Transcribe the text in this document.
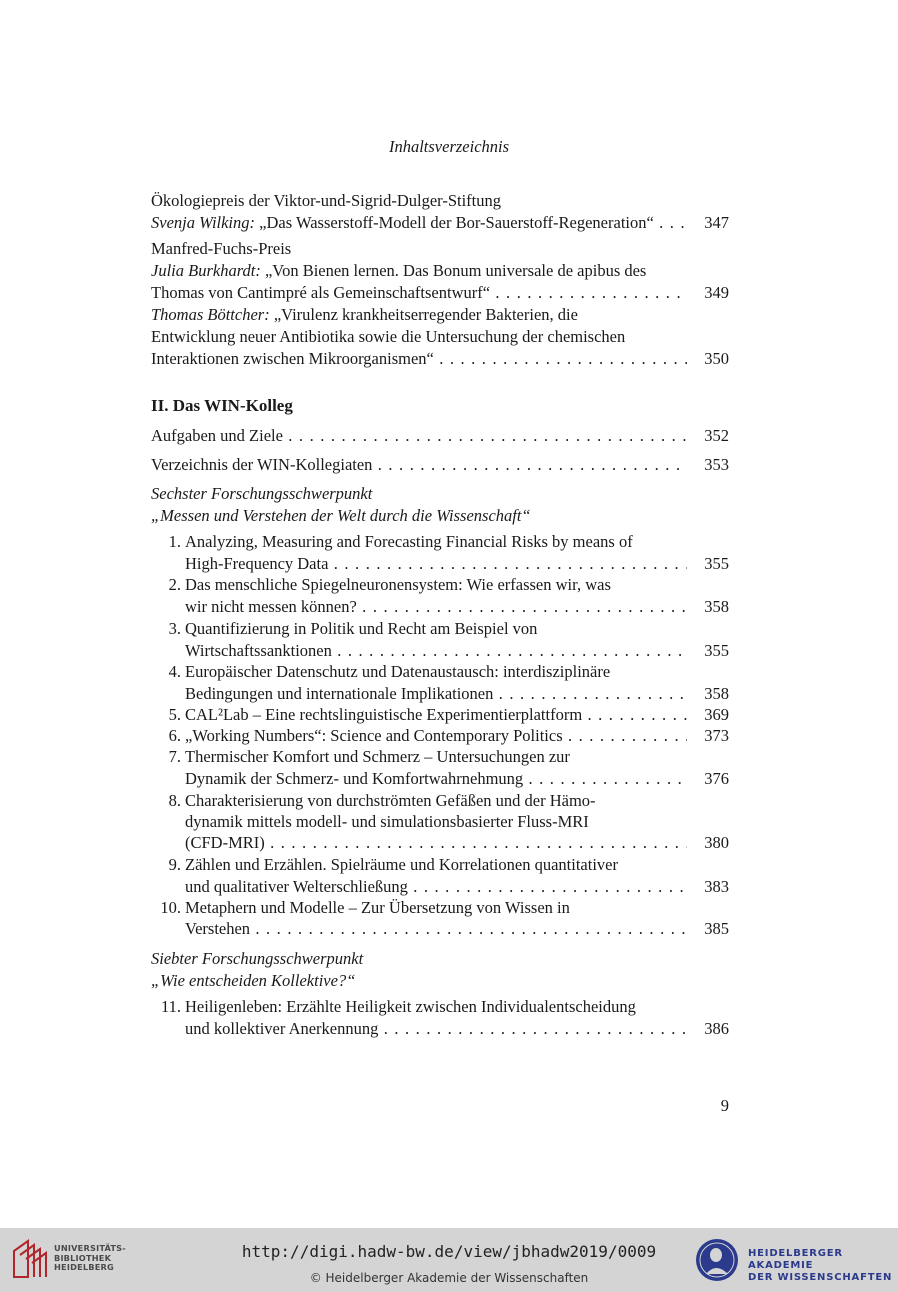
Inhaltsverzeichnis
Ökologiepreis der Viktor-und-Sigrid-Dulger-Stiftung
Svenja Wilking: „Das Wasserstoff-Modell der Bor-Sauerstoff-Regeneration“ . . .	347
Manfred-Fuchs-Preis
Julia Burkhardt: „Von Bienen lernen. Das Bonum universale de apibus des
Thomas von Cantimpré als Gemeinschaftsentwurf“ . . .	349
Thomas Böttcher: „Virulenz krankheitserregender Bakterien, die
Entwicklung neuer Antibiotika sowie die Untersuchung der chemischen
Interaktionen zwischen Mikroorganismen“ . . .	350
II. Das WIN-Kolleg
Aufgaben und Ziele . . .	352
Verzeichnis der WIN-Kollegiaten . . .	353
Sechster Forschungsschwerpunkt
„Messen und Verstehen der Welt durch die Wissenschaft“
1. Analyzing, Measuring and Forecasting Financial Risks by means of
High-Frequency Data . . .	355
2. Das menschliche Spiegelneuronensystem: Wie erfassen wir, was
wir nicht messen können? . . .	358
3. Quantifizierung in Politik und Recht am Beispiel von
Wirtschaftssanktionen . . .	355
4. Europäischer Datenschutz und Datenaustausch: interdisziplinäre
Bedingungen und internationale Implikationen . . .	358
5. CAL²Lab – Eine rechtslinguistische Experimentierplattform . . .	369
6. „Working Numbers“: Science and Contemporary Politics . . .	373
7. Thermischer Komfort und Schmerz – Untersuchungen zur
Dynamik der Schmerz- und Komfortwahrnehmung . . .	376
8. Charakterisierung von durchströmten Gefäßen und der Hämo-
dynamik mittels modell- und simulationsbasierter Fluss-MRI
(CFD-MRI) . . .	380
9. Zählen und Erzählen. Spielräume und Korrelationen quantitativer
und qualitativer Welterschließung . . .	383
10. Metaphern und Modelle – Zur Übersetzung von Wissen in
Verstehen . . .	385
Siebter Forschungsschwerpunkt
„Wie entscheiden Kollektive?“
11. Heiligenleben: Erzählte Heiligkeit zwischen Individualentscheidung
und kollektiver Anerkennung . . .	386
9
UNIVERSITÄTS-
BIBLIOTHEK
HEIDELBERG
http://digi.hadw-bw.de/view/jbhadw2019/0009
© Heidelberger Akademie der Wissenschaften
HEIDELBERGER AKADEMIE
DER WISSENSCHAFTEN
